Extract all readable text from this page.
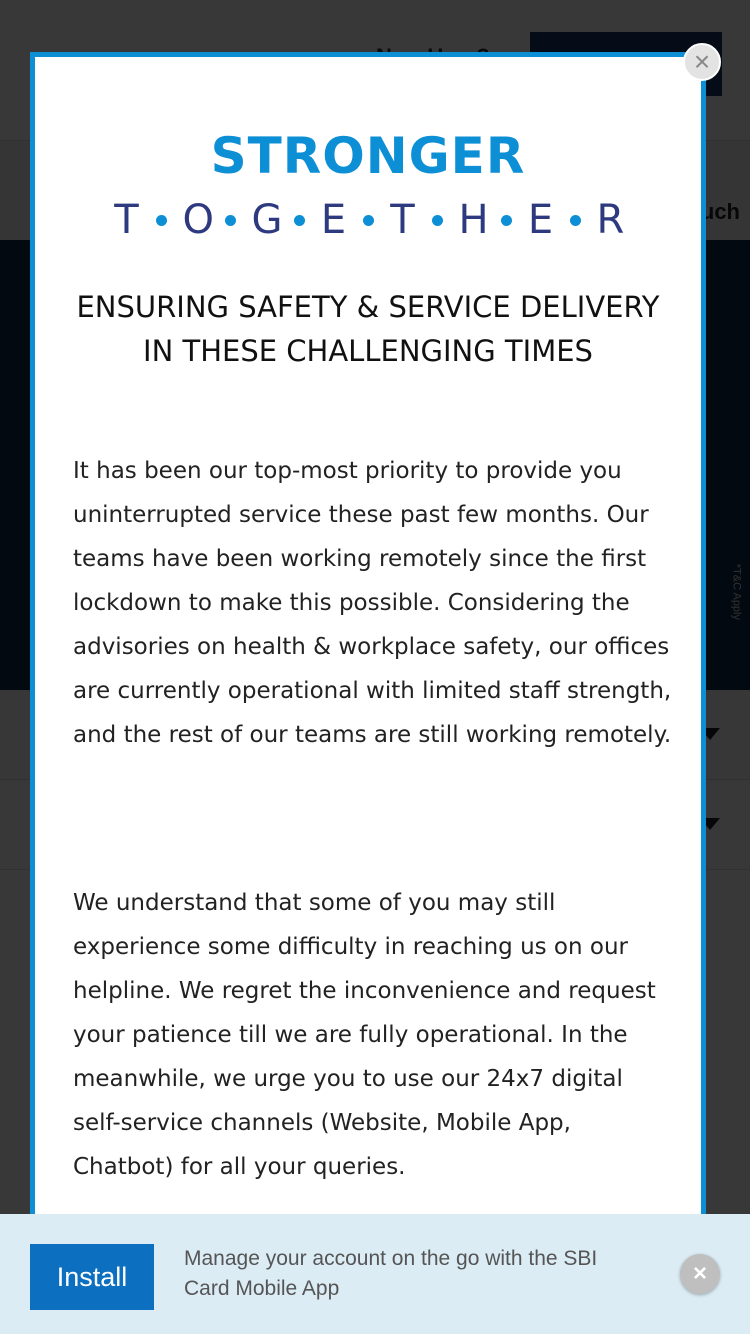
STRONGER
T O G E T H E R
ENSURING SAFETY & SERVICE DELIVERY IN THESE CHALLENGING TIMES

It has been our top-most priority to provide you uninterrupted service these past few months. Our teams have been working remotely since the first lockdown to make this possible. Considering the advisories on health & workplace safety, our offices are currently operational with limited staff strength, and the rest of our teams are still working remotely.

We understand that some of you may still experience some difficulty in reaching us on our helpline. We regret the inconvenience and request your patience till we are fully operational. In the meanwhile, we urge you to use our 24x7 digital self-service channels (Website, Mobile App, Chatbot) for all your queries.

×
Install
Manage your account on the go with the SBI Card Mobile App
×
